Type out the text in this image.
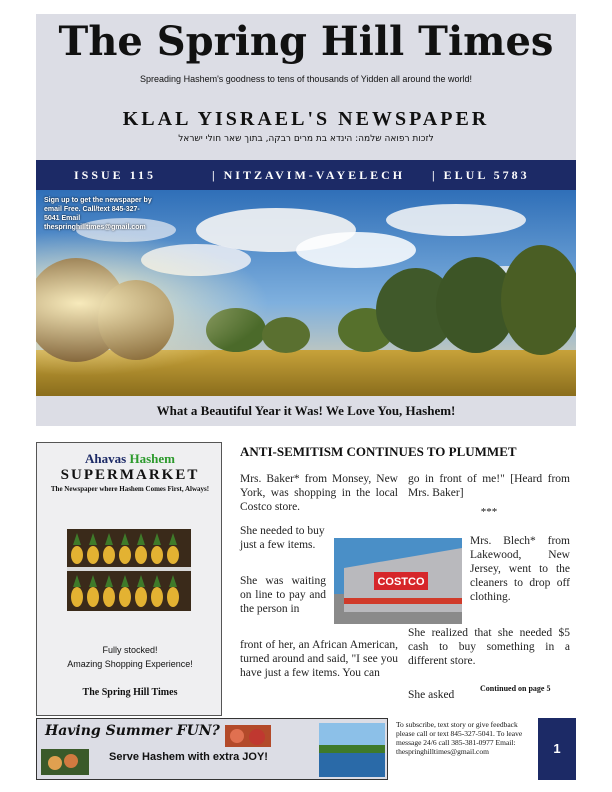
The Spring Hill Times
Spreading Hashem's goodness to tens of thousands of Yidden all around the world!
KLAL YISRAEL'S NEWSPAPER
לזכות רפואה שלמה: הינדא בת מרים רבקה, בתוך שאר חולי ישראל
ISSUE 115	| NITZAVIM-VAYELECH | ELUL 5783
Sign up to get the newspaper by email Free. Call/text 845-327-5041 Email thespringhilltimes@gmail.com
What a Beautiful Year it Was! We Love You, Hashem!
Ahavas Hashem
SUPERMARKET
The Newspaper where Hashem Comes First, Always!
Fully stocked!
Amazing Shopping Experience!
The Spring Hill Times
ANTI-SEMITISM CONTINUES TO PLUMMET
Mrs. Baker* from Monsey, New York, was shopping in the local Costco store.
She needed to buy just a few items.
She was waiting on line to pay and the person in
front of her, an African American, turned around and said, "I see you have just a few items. You can
go in front of me!" [Heard from Mrs. Baker]
***
Mrs. Blech* from Lakewood, New Jersey, went to the cleaners to drop off clothing.
She realized that she needed $5 cash to buy something in a different store.
She asked
Continued on page 5
COSTCO
Having Summer FUN?
Serve Hashem with extra JOY!
To subscribe, text story or give feedback please call or text 845-327-5041. To leave message 24/6 call 385-381-0977 Email: thespringhilltimes@gmail.com	1
